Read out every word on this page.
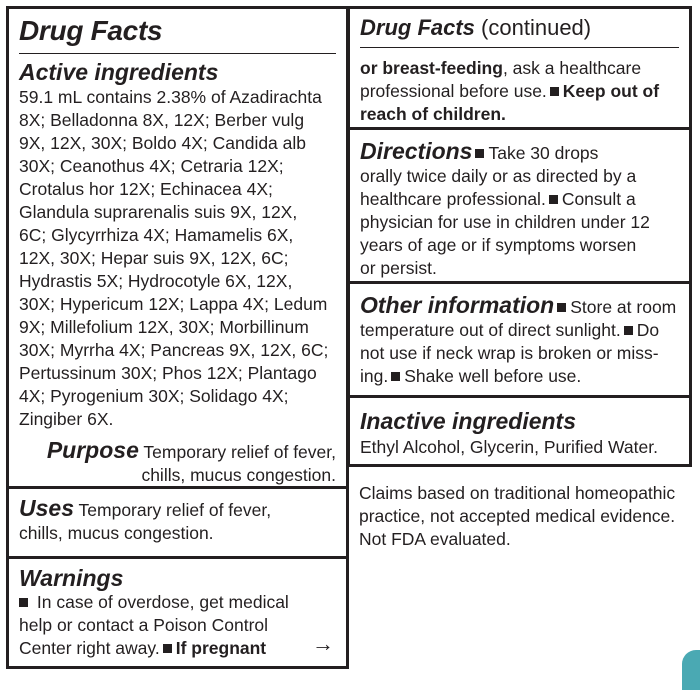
Drug Facts
Active ingredients
59.1 mL contains 2.38% of Azadirachta
8X; Belladonna 8X, 12X; Berber vulg
9X, 12X, 30X; Boldo 4X; Candida alb
30X; Ceanothus 4X; Cetraria 12X;
Crotalus hor 12X; Echinacea 4X;
Glandula suprarenalis suis 9X, 12X,
6C; Glycyrrhiza 4X; Hamamelis 6X,
12X, 30X; Hepar suis 9X, 12X, 6C;
Hydrastis 5X; Hydrocotyle 6X, 12X,
30X; Hypericum 12X; Lappa 4X; Ledum
9X; Millefolium 12X, 30X; Morbillinum
30X; Myrrha 4X; Pancreas 9X, 12X, 6C;
Pertussinum 30X; Phos 12X; Plantago
4X; Pyrogenium 30X; Solidago 4X;
Zingiber 6X.
Purpose Temporary relief of fever,
chills, mucus congestion.
Uses Temporary relief of fever,
chills, mucus congestion.
Warnings
In case of overdose, get medical
help or contact a Poison Control
Center right away. If pregnant	→
Drug Facts (continued)
or breast-feeding, ask a healthcare
professional before use. Keep out of
reach of children.
Directions Take 30 drops
orally twice daily or as directed by a
healthcare professional. Consult a
physician for use in children under 12
years of age or if symptoms worsen
or persist.
Other information Store at room
temperature out of direct sunlight. Do
not use if neck wrap is broken or miss-
ing. Shake well before use.
Inactive ingredients
Ethyl Alcohol, Glycerin, Purified Water.
Claims based on traditional homeopathic
practice, not accepted medical evidence.
Not FDA evaluated.
